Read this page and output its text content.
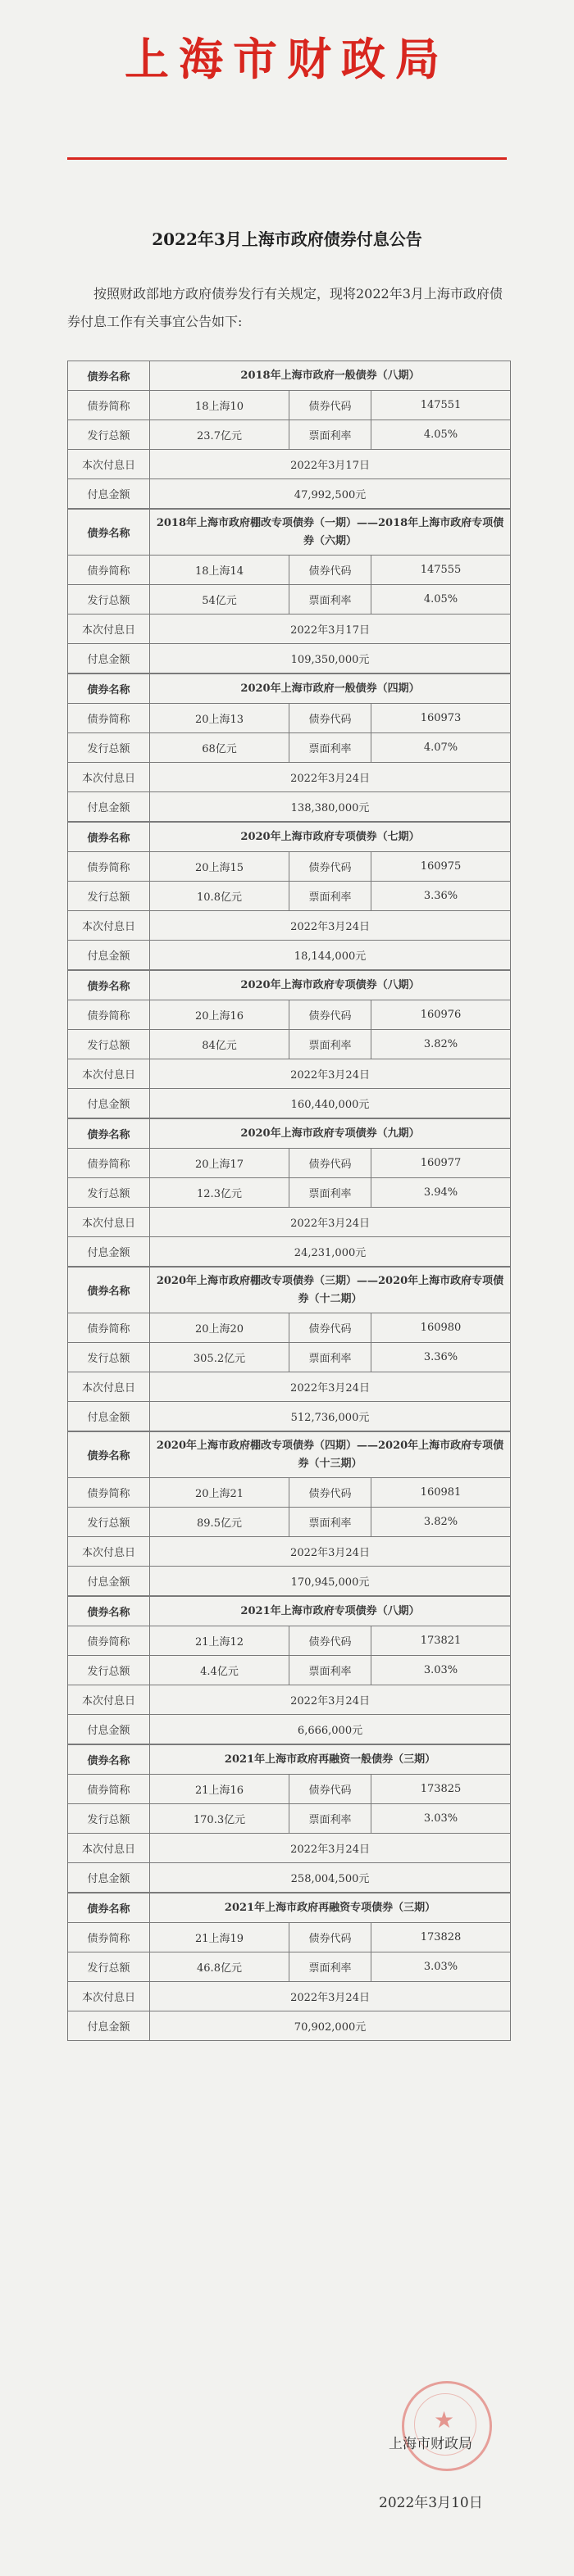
上海市财政局
2022年3月上海市政府债券付息公告
按照财政部地方政府债券发行有关规定，现将2022年3月上海市政府债券付息工作有关事宜公告如下:
债券名称	2018年上海市政府一般债券（八期）		
债券简称	18上海10	债券代码	147551
发行总额	23.7亿元	票面利率	4.05%
本次付息日	2022年3月17日		
付息金额	47,992,500元		
债券名称	2018年上海市政府棚改专项债券（一期）——2018年上海市政府专项债券（六期）		
债券简称	18上海14	债券代码	147555
发行总额	54亿元	票面利率	4.05%
本次付息日	2022年3月17日		
付息金额	109,350,000元		
债券名称	2020年上海市政府一般债券（四期）		
债券简称	20上海13	债券代码	160973
发行总额	68亿元	票面利率	4.07%
本次付息日	2022年3月24日		
付息金额	138,380,000元		
债券名称	2020年上海市政府专项债券（七期）		
债券简称	20上海15	债券代码	160975
发行总额	10.8亿元	票面利率	3.36%
本次付息日	2022年3月24日		
付息金额	18,144,000元		
债券名称	2020年上海市政府专项债券（八期）		
债券简称	20上海16	债券代码	160976
发行总额	84亿元	票面利率	3.82%
本次付息日	2022年3月24日		
付息金额	160,440,000元		
债券名称	2020年上海市政府专项债券（九期）		
债券简称	20上海17	债券代码	160977
发行总额	12.3亿元	票面利率	3.94%
本次付息日	2022年3月24日		
付息金额	24,231,000元		
债券名称	2020年上海市政府棚改专项债券（三期）——2020年上海市政府专项债券（十二期）		
债券简称	20上海20	债券代码	160980
发行总额	305.2亿元	票面利率	3.36%
本次付息日	2022年3月24日		
付息金额	512,736,000元		
债券名称	2020年上海市政府棚改专项债券（四期）——2020年上海市政府专项债券（十三期）		
债券简称	20上海21	债券代码	160981
发行总额	89.5亿元	票面利率	3.82%
本次付息日	2022年3月24日		
付息金额	170,945,000元		
债券名称	2021年上海市政府专项债券（八期）		
债券简称	21上海12	债券代码	173821
发行总额	4.4亿元	票面利率	3.03%
本次付息日	2022年3月24日		
付息金额	6,666,000元		
债券名称	2021年上海市政府再融资一般债券（三期）		
债券简称	21上海16	债券代码	173825
发行总额	170.3亿元	票面利率	3.03%
本次付息日	2022年3月24日		
付息金额	258,004,500元		
债券名称	2021年上海市政府再融资专项债券（三期）		
债券简称	21上海19	债券代码	173828
发行总额	46.8亿元	票面利率	3.03%
本次付息日	2022年3月24日		
付息金额	70,902,000元		
★
上海市财政局
2022年3月10日
